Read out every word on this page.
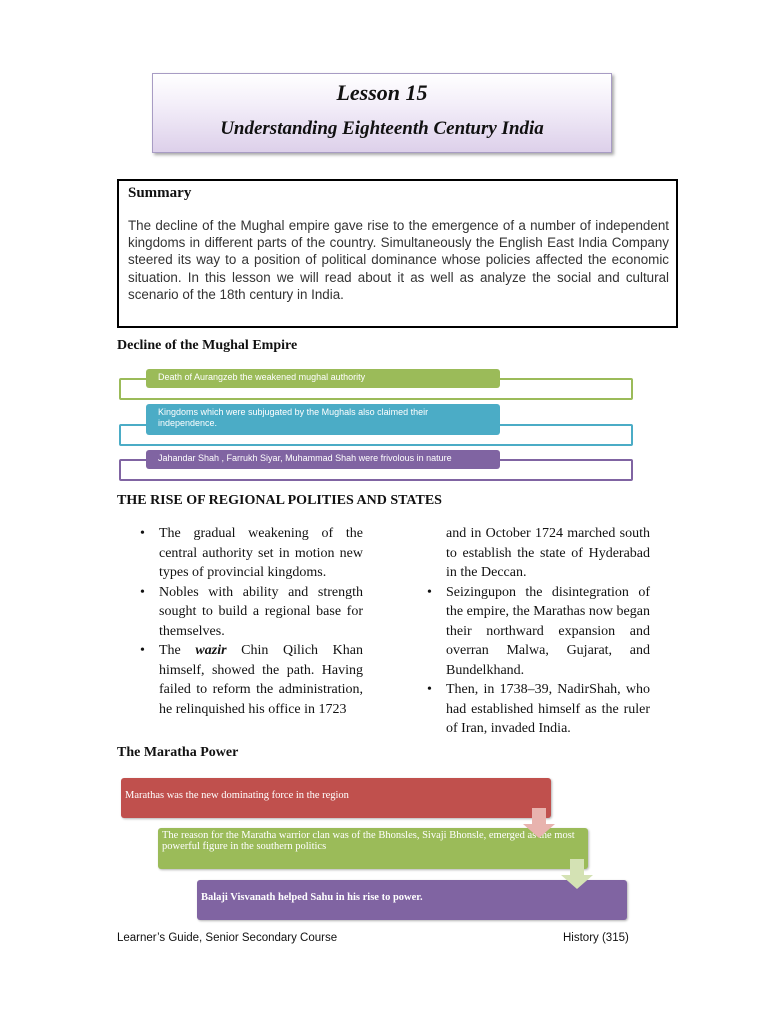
Lesson 15
Understanding Eighteenth Century India
Summary
The decline of the Mughal empire gave rise to the emergence of a number of independent kingdoms in different parts of the country. Simultaneously the English East India Company steered its way to a position of political dominance whose policies affected the economic situation. In this lesson we will read about it as well as analyze the social and cultural scenario of the 18th century in India.
Decline of the Mughal Empire
Death of Aurangzeb the weakened mughal authority
Kingdoms which were subjugated by the Mughals also claimed their independence.
Jahandar Shah , Farrukh Siyar, Muhammad Shah were frivolous in nature
THE RISE OF REGIONAL POLITIES AND STATES
• The gradual weakening of the central authority set in motion new types of provincial kingdoms.
• Nobles with ability and strength sought to build a regional base for themselves.
• The wazir Chin Qilich Khan himself, showed the path. Having failed to reform the administration, he relinquished his office in 1723

and in October 1724 marched south to establish the state of Hyderabad in the Deccan.

• Seizingupon the disintegration of the empire, the Marathas now began their northward expansion and overran Malwa, Gujarat, and Bundelkhand.
• Then, in 1738–39, NadirShah, who had established himself as the ruler of Iran, invaded India.
The Maratha Power
Marathas was the new dominating force in the region
The reason for the Maratha warrior clan was of the Bhonsles, Sivaji Bhonsle, emerged as the most powerful figure in the southern politics
Balaji Visvanath helped Sahu in his rise to power.
Learner’s Guide, Senior Secondary Course	History (315)
